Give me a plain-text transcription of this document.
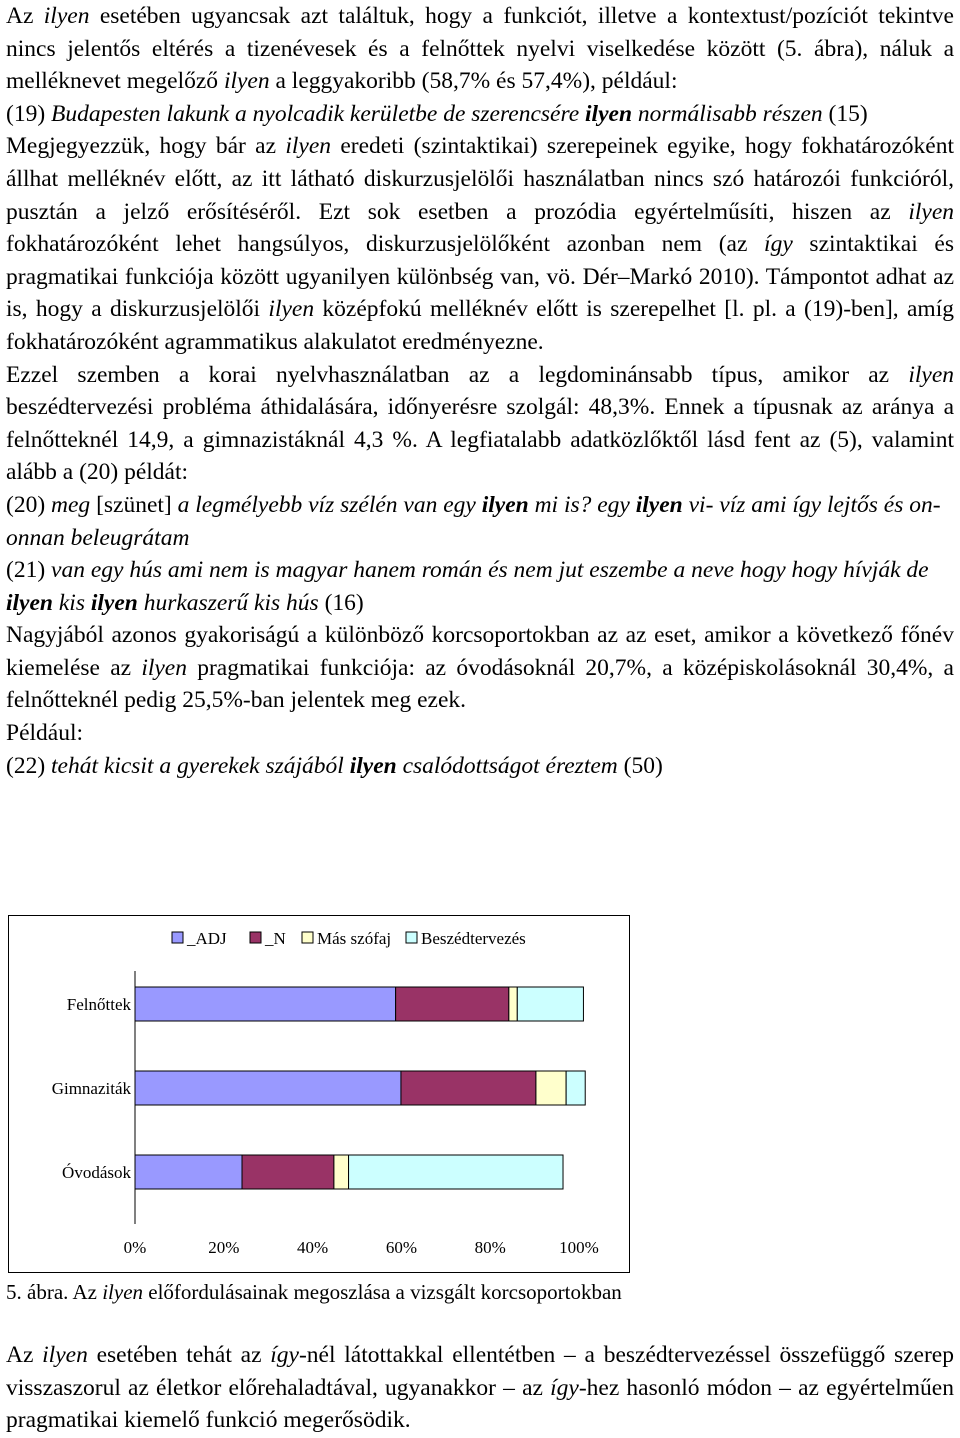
Az ilyen esetében ugyancsak azt találtuk, hogy a funkciót, illetve a kontextust/pozíciót tekintve nincs jelentős eltérés a tizenévesek és a felnőttek nyelvi viselkedése között (5. ábra), náluk a melléknevet megelőző ilyen a leggyakoribb (58,7% és 57,4%), például:

(19) Budapesten lakunk a nyolcadik kerületbe de szerencsére ilyen normálisabb részen (15)

Megjegyezzük, hogy bár az ilyen eredeti (szintaktikai) szerepeinek egyike, hogy fokhatározóként állhat melléknév előtt, az itt látható diskurzusjelölői használatban nincs szó határozói funkcióról, pusztán a jelző erősítéséről. Ezt sok esetben a prozódia egyértelműsíti, hiszen az ilyen fokhatározóként lehet hangsúlyos, diskurzusjelölőként azonban nem (az így szintaktikai és pragmatikai funkciója között ugyanilyen különbség van, vö. Dér–Markó 2010). Támpontot adhat az is, hogy a diskurzusjelölői ilyen középfokú melléknév előtt is szerepelhet [l. pl. a (19)-ben], amíg fokhatározóként agrammatikus alakulatot eredményezne.

Ezzel szemben a korai nyelvhasználatban az a legdominánsabb típus, amikor az ilyen beszédtervezési probléma áthidalására, időnyerésre szolgál: 48,3%. Ennek a típusnak az aránya a felnőtteknél 14,9, a gimnazistáknál 4,3 %. A legfiatalabb adatközlőktől lásd fent az (5), valamint alább a (20) példát:

(20) meg [szünet] a legmélyebb víz szélén van egy ilyen mi is? egy ilyen vi- víz ami így lejtős és on- onnan beleugrátam

(21) van egy hús ami nem is magyar hanem román és nem jut eszembe a neve hogy hogy hívják de ilyen kis ilyen hurkaszerű kis hús (16)

Nagyjából azonos gyakoriságú a különböző korcsoportokban az az eset, amikor a következő főnév kiemelése az ilyen pragmatikai funkciója: az óvodásoknál 20,7%, a középiskolásoknál 30,4%, a felnőtteknél pedig 25,5%-ban jelentek meg ezek.

Például:

(22) tehát kicsit a gyerekek szájából ilyen csalódottságot éreztem (50)

_ADJ _N Más szófaj Beszédtervezés
Felnőttek
Gimnaziták
Óvodások
0%	20%	40%	60%	80%	100%
5. ábra. Az ilyen előfordulásainak megoszlása a vizsgált korcsoportokban

Az ilyen esetében tehát az így-nél látottakkal ellentétben – a beszédtervezéssel összefüggő szerep visszaszorul az életkor előrehaladtával, ugyanakkor – az így-hez hasonló módon – az egyértelműen pragmatikai kiemelő funkció megerősödik.
